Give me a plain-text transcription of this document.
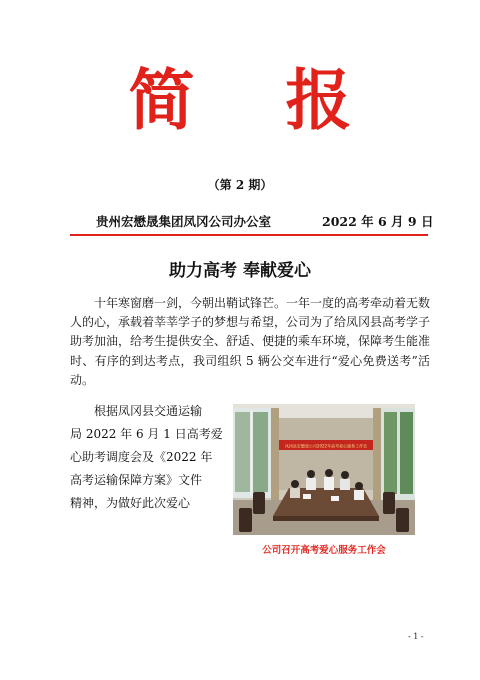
简 报
（第 2 期）
贵州宏懋晟集团凤冈公司办公室	2022 年 6 月 9 日
助力高考 奉献爱心

十年寒窗磨一剑，今朝出鞘试锋芒。一年一度的高考牵动着无数人的心，承载着莘莘学子的梦想与希望，公司为了给凤冈县高考学子助考加油，给考生提供安全、舒适、便捷的乘车环境，保障考生能准时、有序的到达考点，我司组织 5 辆公交车进行“爱心免费送考”活动。

根据凤冈县交通运输
局 2022 年 6 月 1 日高考爱
心助考调度会及《2022 年
高考运输保障方案》文件
精神，为做好此次爱心

凤冈县宏懋晟公司2022年高考爱心服务工作会
公司召开高考爱心服务工作会
- 1 -
